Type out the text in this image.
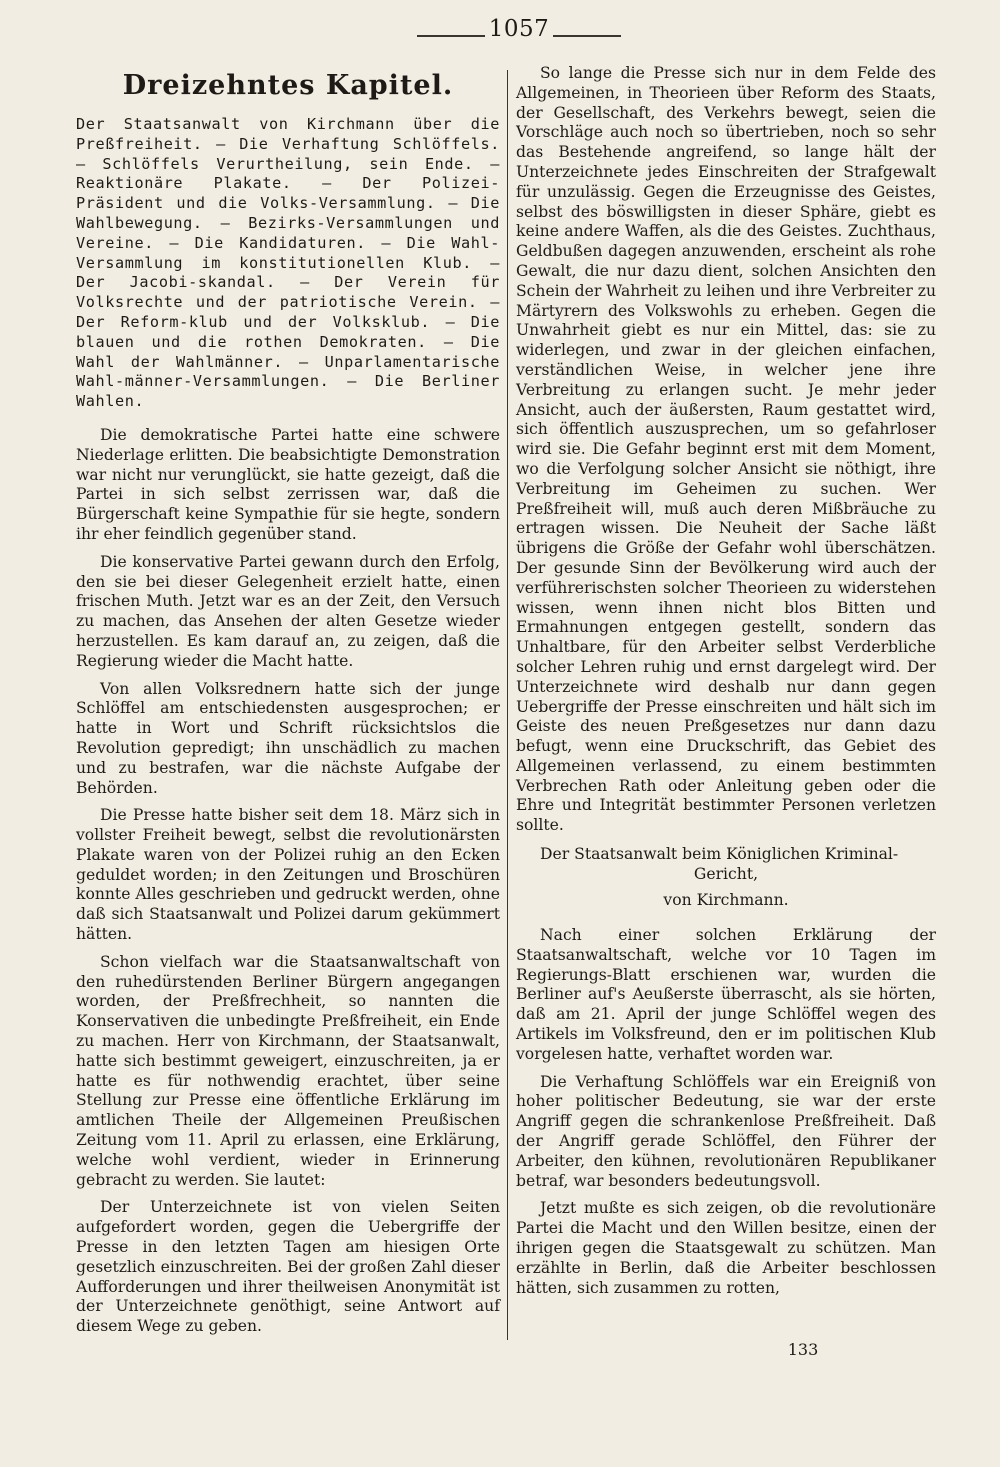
1057
Dreizehntes Kapitel.
Der Staatsanwalt von Kirchmann über die Preßfreiheit. — Die Verhaftung Schlöffels. — Schlöffels Verurtheilung, sein Ende. — Reaktionäre Plakate. — Der Polizei-Präsident und die Volks-Versammlung. — Die Wahlbewegung. — Bezirks-Versammlungen und Vereine. — Die Kandidaturen. — Die Wahl-Versammlung im konstitutionellen Klub. — Der Jacobi-skandal. — Der Verein für Volksrechte und der patriotische Verein. — Der Reform-klub und der Volksklub. — Die blauen und die rothen Demokraten. — Die Wahl der Wahlmänner. — Unparlamentarische Wahl-männer-Versammlungen. — Die Berliner Wahlen.

Die demokratische Partei hatte eine schwere Niederlage erlitten. Die beabsichtigte Demonstration war nicht nur verunglückt, sie hatte gezeigt, daß die Partei in sich selbst zerrissen war, daß die Bürgerschaft keine Sympathie für sie hegte, sondern ihr eher feindlich gegenüber stand.

Die konservative Partei gewann durch den Erfolg, den sie bei dieser Gelegenheit erzielt hatte, einen frischen Muth. Jetzt war es an der Zeit, den Versuch zu machen, das Ansehen der alten Gesetze wieder herzustellen. Es kam darauf an, zu zeigen, daß die Regierung wieder die Macht hatte.

Von allen Volksrednern hatte sich der junge Schlöffel am entschiedensten ausgesprochen; er hatte in Wort und Schrift rücksichtslos die Revolution gepredigt; ihn unschädlich zu machen und zu bestrafen, war die nächste Aufgabe der Behörden.

Die Presse hatte bisher seit dem 18. März sich in vollster Freiheit bewegt, selbst die revolutionärsten Plakate waren von der Polizei ruhig an den Ecken geduldet worden; in den Zeitungen und Broschüren konnte Alles geschrieben und gedruckt werden, ohne daß sich Staatsanwalt und Polizei darum gekümmert hätten.

Schon vielfach war die Staatsanwaltschaft von den ruhedürstenden Berliner Bürgern angegangen worden, der Preßfrechheit, so nannten die Konservativen die unbedingte Preßfreiheit, ein Ende zu machen. Herr von Kirchmann, der Staatsanwalt, hatte sich bestimmt geweigert, einzuschreiten, ja er hatte es für nothwendig erachtet, über seine Stellung zur Presse eine öffentliche Erklärung im amtlichen Theile der Allgemeinen Preußischen Zeitung vom 11. April zu erlassen, eine Erklärung, welche wohl verdient, wieder in Erinnerung gebracht zu werden. Sie lautet:

Der Unterzeichnete ist von vielen Seiten aufgefordert worden, gegen die Uebergriffe der Presse in den letzten Tagen am hiesigen Orte gesetzlich einzuschreiten. Bei der großen Zahl dieser Aufforderungen und ihrer theilweisen Anonymität ist der Unterzeichnete genöthigt, seine Antwort auf diesem Wege zu geben.

So lange die Presse sich nur in dem Felde des Allgemeinen, in Theorieen über Reform des Staats, der Gesellschaft, des Verkehrs bewegt, seien die Vorschläge auch noch so übertrieben, noch so sehr das Bestehende angreifend, so lange hält der Unterzeichnete jedes Einschreiten der Strafgewalt für unzulässig. Gegen die Erzeugnisse des Geistes, selbst des böswilligsten in dieser Sphäre, giebt es keine andere Waffen, als die des Geistes. Zuchthaus, Geldbußen dagegen anzuwenden, erscheint als rohe Gewalt, die nur dazu dient, solchen Ansichten den Schein der Wahrheit zu leihen und ihre Verbreiter zu Märtyrern des Volkswohls zu erheben. Gegen die Unwahrheit giebt es nur ein Mittel, das: sie zu widerlegen, und zwar in der gleichen einfachen, verständlichen Weise, in welcher jene ihre Verbreitung zu erlangen sucht. Je mehr jeder Ansicht, auch der äußersten, Raum gestattet wird, sich öffentlich auszusprechen, um so gefahrloser wird sie. Die Gefahr beginnt erst mit dem Moment, wo die Verfolgung solcher Ansicht sie nöthigt, ihre Verbreitung im Geheimen zu suchen. Wer Preßfreiheit will, muß auch deren Mißbräuche zu ertragen wissen. Die Neuheit der Sache läßt übrigens die Größe der Gefahr wohl überschätzen. Der gesunde Sinn der Bevölkerung wird auch der verführerischsten solcher Theorieen zu widerstehen wissen, wenn ihnen nicht blos Bitten und Ermahnungen entgegen gestellt, sondern das Unhaltbare, für den Arbeiter selbst Verderbliche solcher Lehren ruhig und ernst dargelegt wird. Der Unterzeichnete wird deshalb nur dann gegen Uebergriffe der Presse einschreiten und hält sich im Geiste des neuen Preßgesetzes nur dann dazu befugt, wenn eine Druckschrift, das Gebiet des Allgemeinen verlassend, zu einem bestimmten Verbrechen Rath oder Anleitung geben oder die Ehre und Integrität bestimmter Personen verletzen sollte.

Der Staatsanwalt beim Königlichen Kriminal-

Gericht,

von Kirchmann.

Nach einer solchen Erklärung der Staatsanwaltschaft, welche vor 10 Tagen im Regierungs-Blatt erschienen war, wurden die Berliner auf's Aeußerste überrascht, als sie hörten, daß am 21. April der junge Schlöffel wegen des Artikels im Volksfreund, den er im politischen Klub vorgelesen hatte, verhaftet worden war.

Die Verhaftung Schlöffels war ein Ereigniß von hoher politischer Bedeutung, sie war der erste Angriff gegen die schrankenlose Preßfreiheit. Daß der Angriff gerade Schlöffel, den Führer der Arbeiter, den kühnen, revolutionären Republikaner betraf, war besonders bedeutungsvoll.

Jetzt mußte es sich zeigen, ob die revolutionäre Partei die Macht und den Willen besitze, einen der ihrigen gegen die Staatsgewalt zu schützen. Man erzählte in Berlin, daß die Arbeiter beschlossen hätten, sich zusammen zu rotten,

133
